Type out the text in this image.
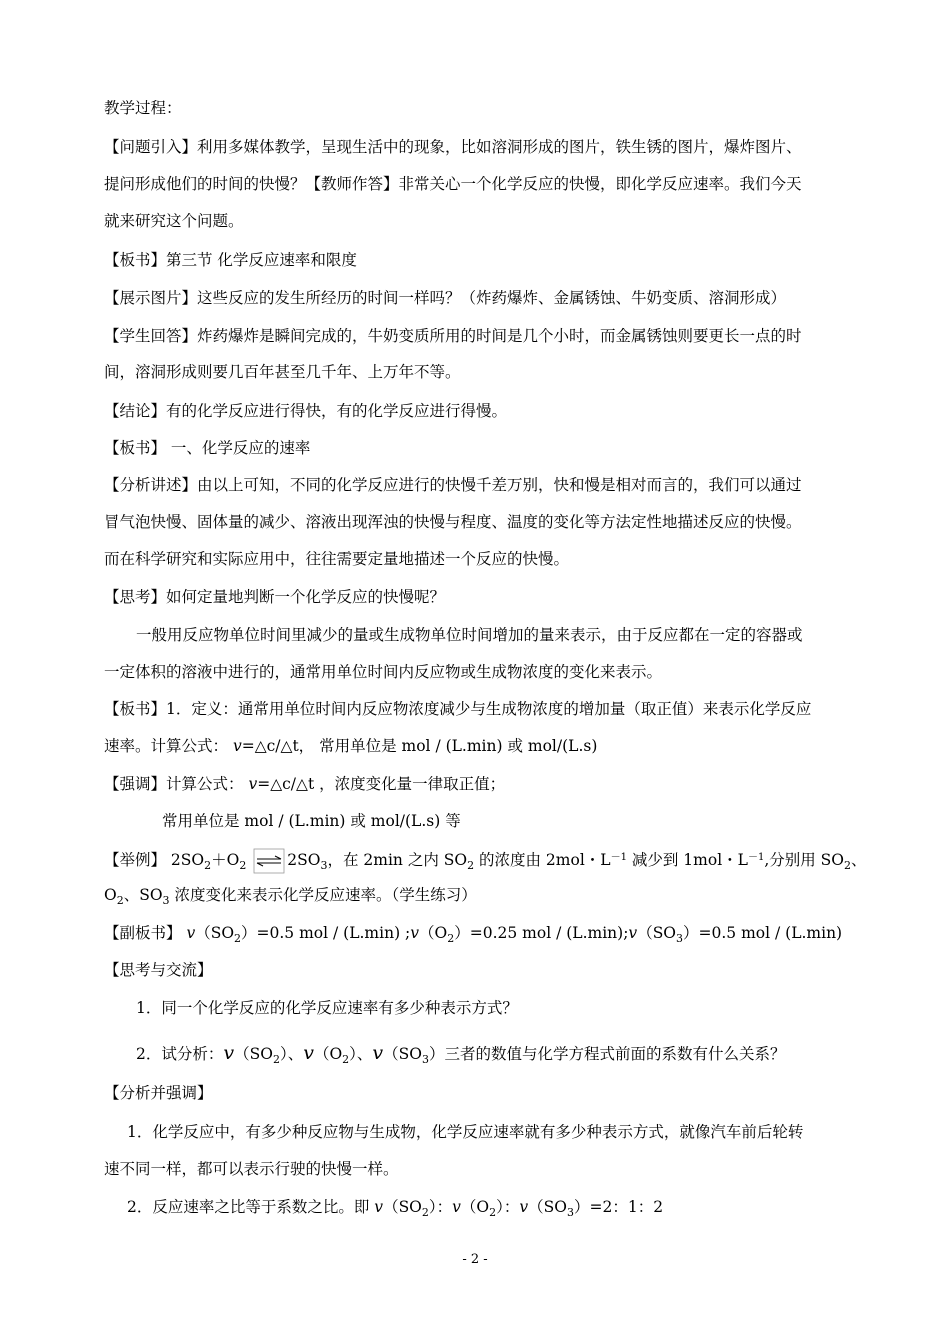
教学过程：
【问题引入】利用多媒体教学，呈现生活中的现象，比如溶洞形成的图片，铁生锈的图片，爆炸图片、
提问形成他们的时间的快慢？【教师作答】非常关心一个化学反应的快慢，即化学反应速率。我们今天
就来研究这个问题。
【板书】第三节 化学反应速率和限度
【展示图片】这些反应的发生所经历的时间一样吗？（炸药爆炸、金属锈蚀、牛奶变质、溶洞形成）
【学生回答】炸药爆炸是瞬间完成的，牛奶变质所用的时间是几个小时，而金属锈蚀则要更长一点的时
间，溶洞形成则要几百年甚至几千年、上万年不等。
【结论】有的化学反应进行得快，有的化学反应进行得慢。
【板书】 一、化学反应的速率
【分析讲述】由以上可知，不同的化学反应进行的快慢千差万别，快和慢是相对而言的，我们可以通过
冒气泡快慢、固体量的减少、溶液出现浑浊的快慢与程度、温度的变化等方法定性地描述反应的快慢。
而在科学研究和实际应用中，往往需要定量地描述一个反应的快慢。
【思考】如何定量地判断一个化学反应的快慢呢？
一般用反应物单位时间里减少的量或生成物单位时间增加的量来表示，由于反应都在一定的容器或
一定体积的溶液中进行的，通常用单位时间内反应物或生成物浓度的变化来表示。
【板书】1．定义：通常用单位时间内反应物浓度减少与生成物浓度的增加量（取正值）来表示化学反应
速率。计算公式： v=△c/△t， 常用单位是 mol / (L.min) 或 mol/(L.s)
【强调】计算公式： v=△c/△t ，浓度变化量一律取正值；
常用单位是 mol / (L.min) 或 mol/(L.s) 等
【举例】 $2SO_2+O_2$	$2SO_3$，在 2min 之内 $SO_2$ 的浓度由 2mol・$L^{-1}$ 减少到 1mol・$L^{-1}$,分别用 $SO_2$、
$O_2$、$SO_3$ 浓度变化来表示化学反应速率。（学生练习）
【副板书】 $v(SO_2)=0.5$ mol / (L.min) $;v(O_2)=0.25$ mol / $(L.\min);v(SO_3)=0.5$ mol / (L.min)
【思考与交流】
1．同一个化学反应的化学反应速率有多少种表示方式？
2．试分析：$v(SO_2)$、$v(O_2)$、$v(SO_3)$三者的数值与化学方程式前面的系数有什么关系？
【分析并强调】
1．化学反应中，有多少种反应物与生成物，化学反应速率就有多少种表示方式，就像汽车前后轮转
速不同一样，都可以表示行驶的快慢一样。
2．反应速率之比等于系数之比。即 $v(SO_2)$：$v(O_2)$：$v(SO_3)=2$：1：2
- 2 -
